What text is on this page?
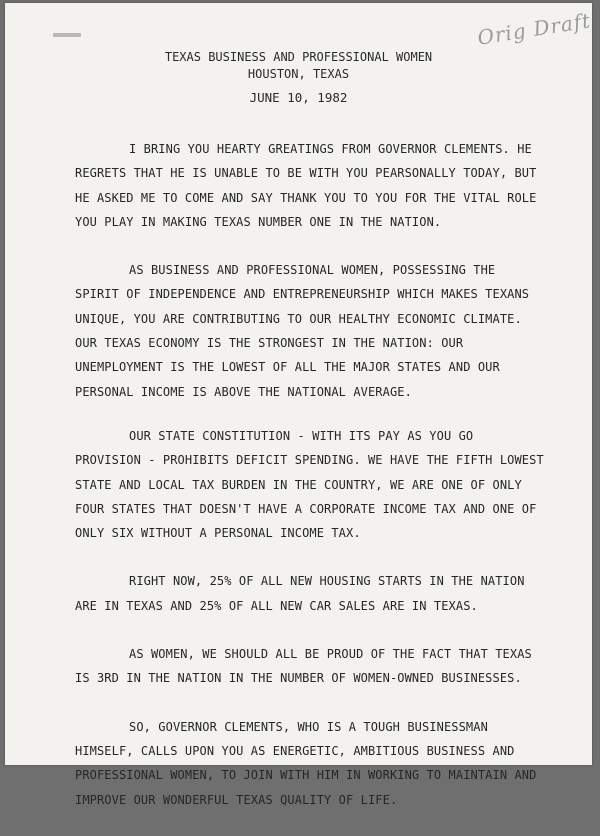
Orig Draft
TEXAS BUSINESS AND PROFESSIONAL WOMEN
HOUSTON, TEXAS
JUNE 10, 1982

I BRING YOU HEARTY GREATINGS FROM GOVERNOR CLEMENTS. HE REGRETS THAT HE IS UNABLE TO BE WITH YOU PEARSONALLY TODAY, BUT HE ASKED ME TO COME AND SAY THANK YOU TO YOU FOR THE VITAL ROLE YOU PLAY IN MAKING TEXAS NUMBER ONE IN THE NATION.

AS BUSINESS AND PROFESSIONAL WOMEN, POSSESSING THE SPIRIT OF INDEPENDENCE AND ENTREPRENEURSHIP WHICH MAKES TEXANS UNIQUE, YOU ARE CONTRIBUTING TO OUR HEALTHY ECONOMIC CLIMATE. OUR TEXAS ECONOMY IS THE STRONGEST IN THE NATION: OUR UNEMPLOYMENT IS THE LOWEST OF ALL THE MAJOR STATES AND OUR PERSONAL INCOME IS ABOVE THE NATIONAL AVERAGE.

OUR STATE CONSTITUTION - WITH ITS PAY AS YOU GO PROVISION - PROHIBITS DEFICIT SPENDING. WE HAVE THE FIFTH LOWEST STATE AND LOCAL TAX BURDEN IN THE COUNTRY, WE ARE ONE OF ONLY FOUR STATES THAT DOESN'T HAVE A CORPORATE INCOME TAX AND ONE OF ONLY SIX WITHOUT A PERSONAL INCOME TAX.

RIGHT NOW, 25% OF ALL NEW HOUSING STARTS IN THE NATION ARE IN TEXAS AND 25% OF ALL NEW CAR SALES ARE IN TEXAS.

AS WOMEN, WE SHOULD ALL BE PROUD OF THE FACT THAT TEXAS IS 3RD IN THE NATION IN THE NUMBER OF WOMEN-OWNED BUSINESSES.

SO, GOVERNOR CLEMENTS, WHO IS A TOUGH BUSINESSMAN HIMSELF, CALLS UPON YOU AS ENERGETIC, AMBITIOUS BUSINESS AND PROFESSIONAL WOMEN, TO JOIN WITH HIM IN WORKING TO MAINTAIN AND IMPROVE OUR WONDERFUL TEXAS QUALITY OF LIFE.
